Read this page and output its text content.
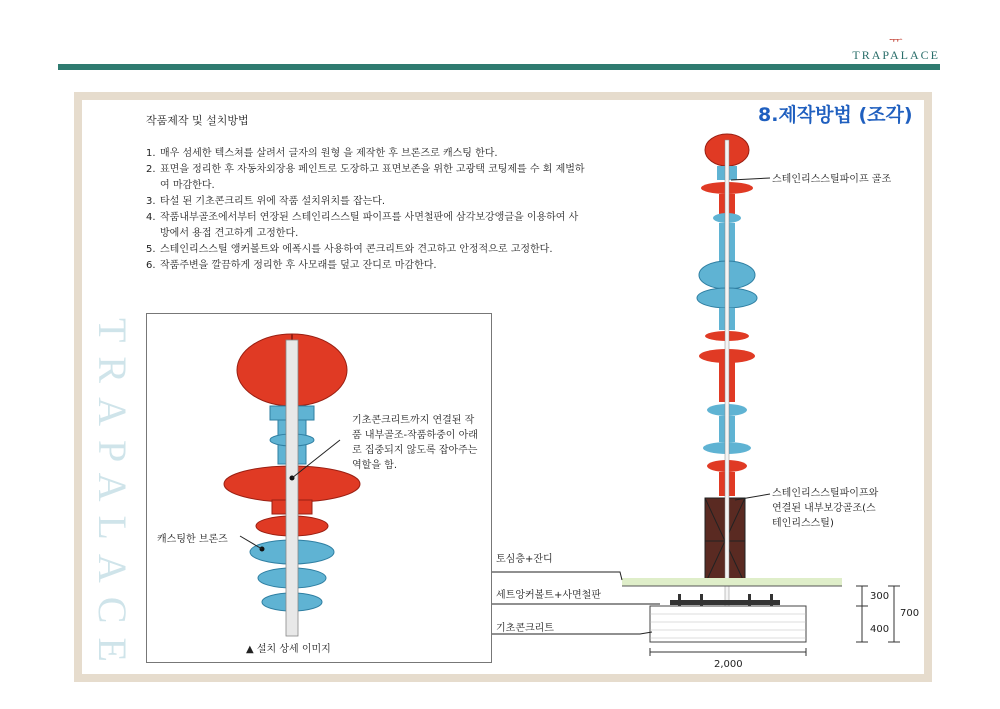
ᅲ
TRAPALACE
TRAPALACE
8.제작방법 (조각)
작품제작 및 설치방법
1. 매우 섬세한 텍스쳐를 살려서 글자의 원형 을 제작한 후 브론즈로 캐스팅 한다.
2. 표면을 정리한 후 자동차외장용 페인트로 도장하고 표면보존을 위한 고광택 코팅제를 수 회 제벌하여 마감한다.
3. 타설 된 기초콘크리트 위에 작품 설치위치를 잡는다.
4. 작품내부골조에서부터 연장된 스테인리스스틸 파이프를 사면철판에 삼각보강앵글을 이용하여 사방에서 용접 견고하게 고정한다.
5. 스테인리스스틸 앵커볼트와 에폭시를 사용하여 콘크리트와 견고하고 안정적으로 고정한다.
6. 작품주변을 깔끔하게 정리한 후 사모래를 덮고 잔디로 마감한다.
기초콘크리트까지 연결된 작품 내부골조-작품하중이 아래로 집중되지 않도록 잡아주는 역할을 함.
캐스팅한 브론즈
▲ 설치 상세 이미지
스테인리스스틸파이프 골조
스테인리스스틸파이프와 연결된 내부보강골조(스테인리스스틸)
토심층+잔디
세트앙커볼트+사면철판
기초콘크리트
300
400
700
2,000
